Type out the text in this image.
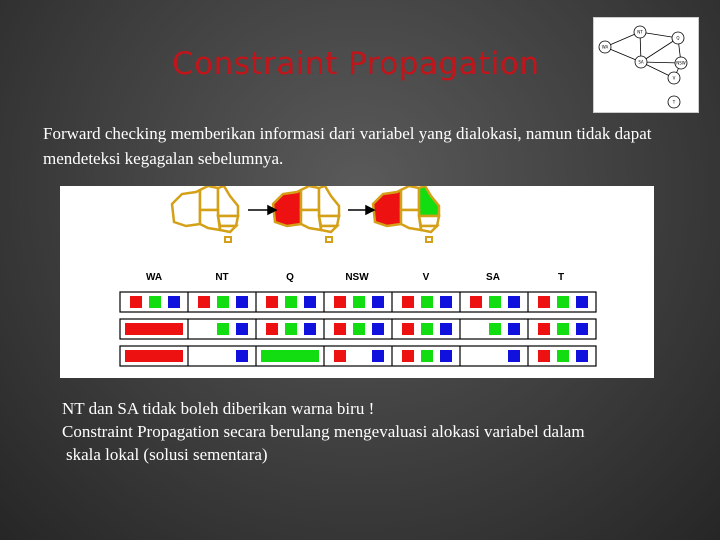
Constraint Propagation
NT
Q
WA
SA	NSW
V
T
Forward checking memberikan informasi dari variabel yang dialokasi, namun tidak dapat mendeteksi kegagalan sebelumnya.
WA	NT	Q	NSW	V	SA	T

NT dan SA tidak boleh diberikan warna biru !

Constraint Propagation secara berulang mengevaluasi alokasi variabel dalam

skala lokal (solusi sementara)
